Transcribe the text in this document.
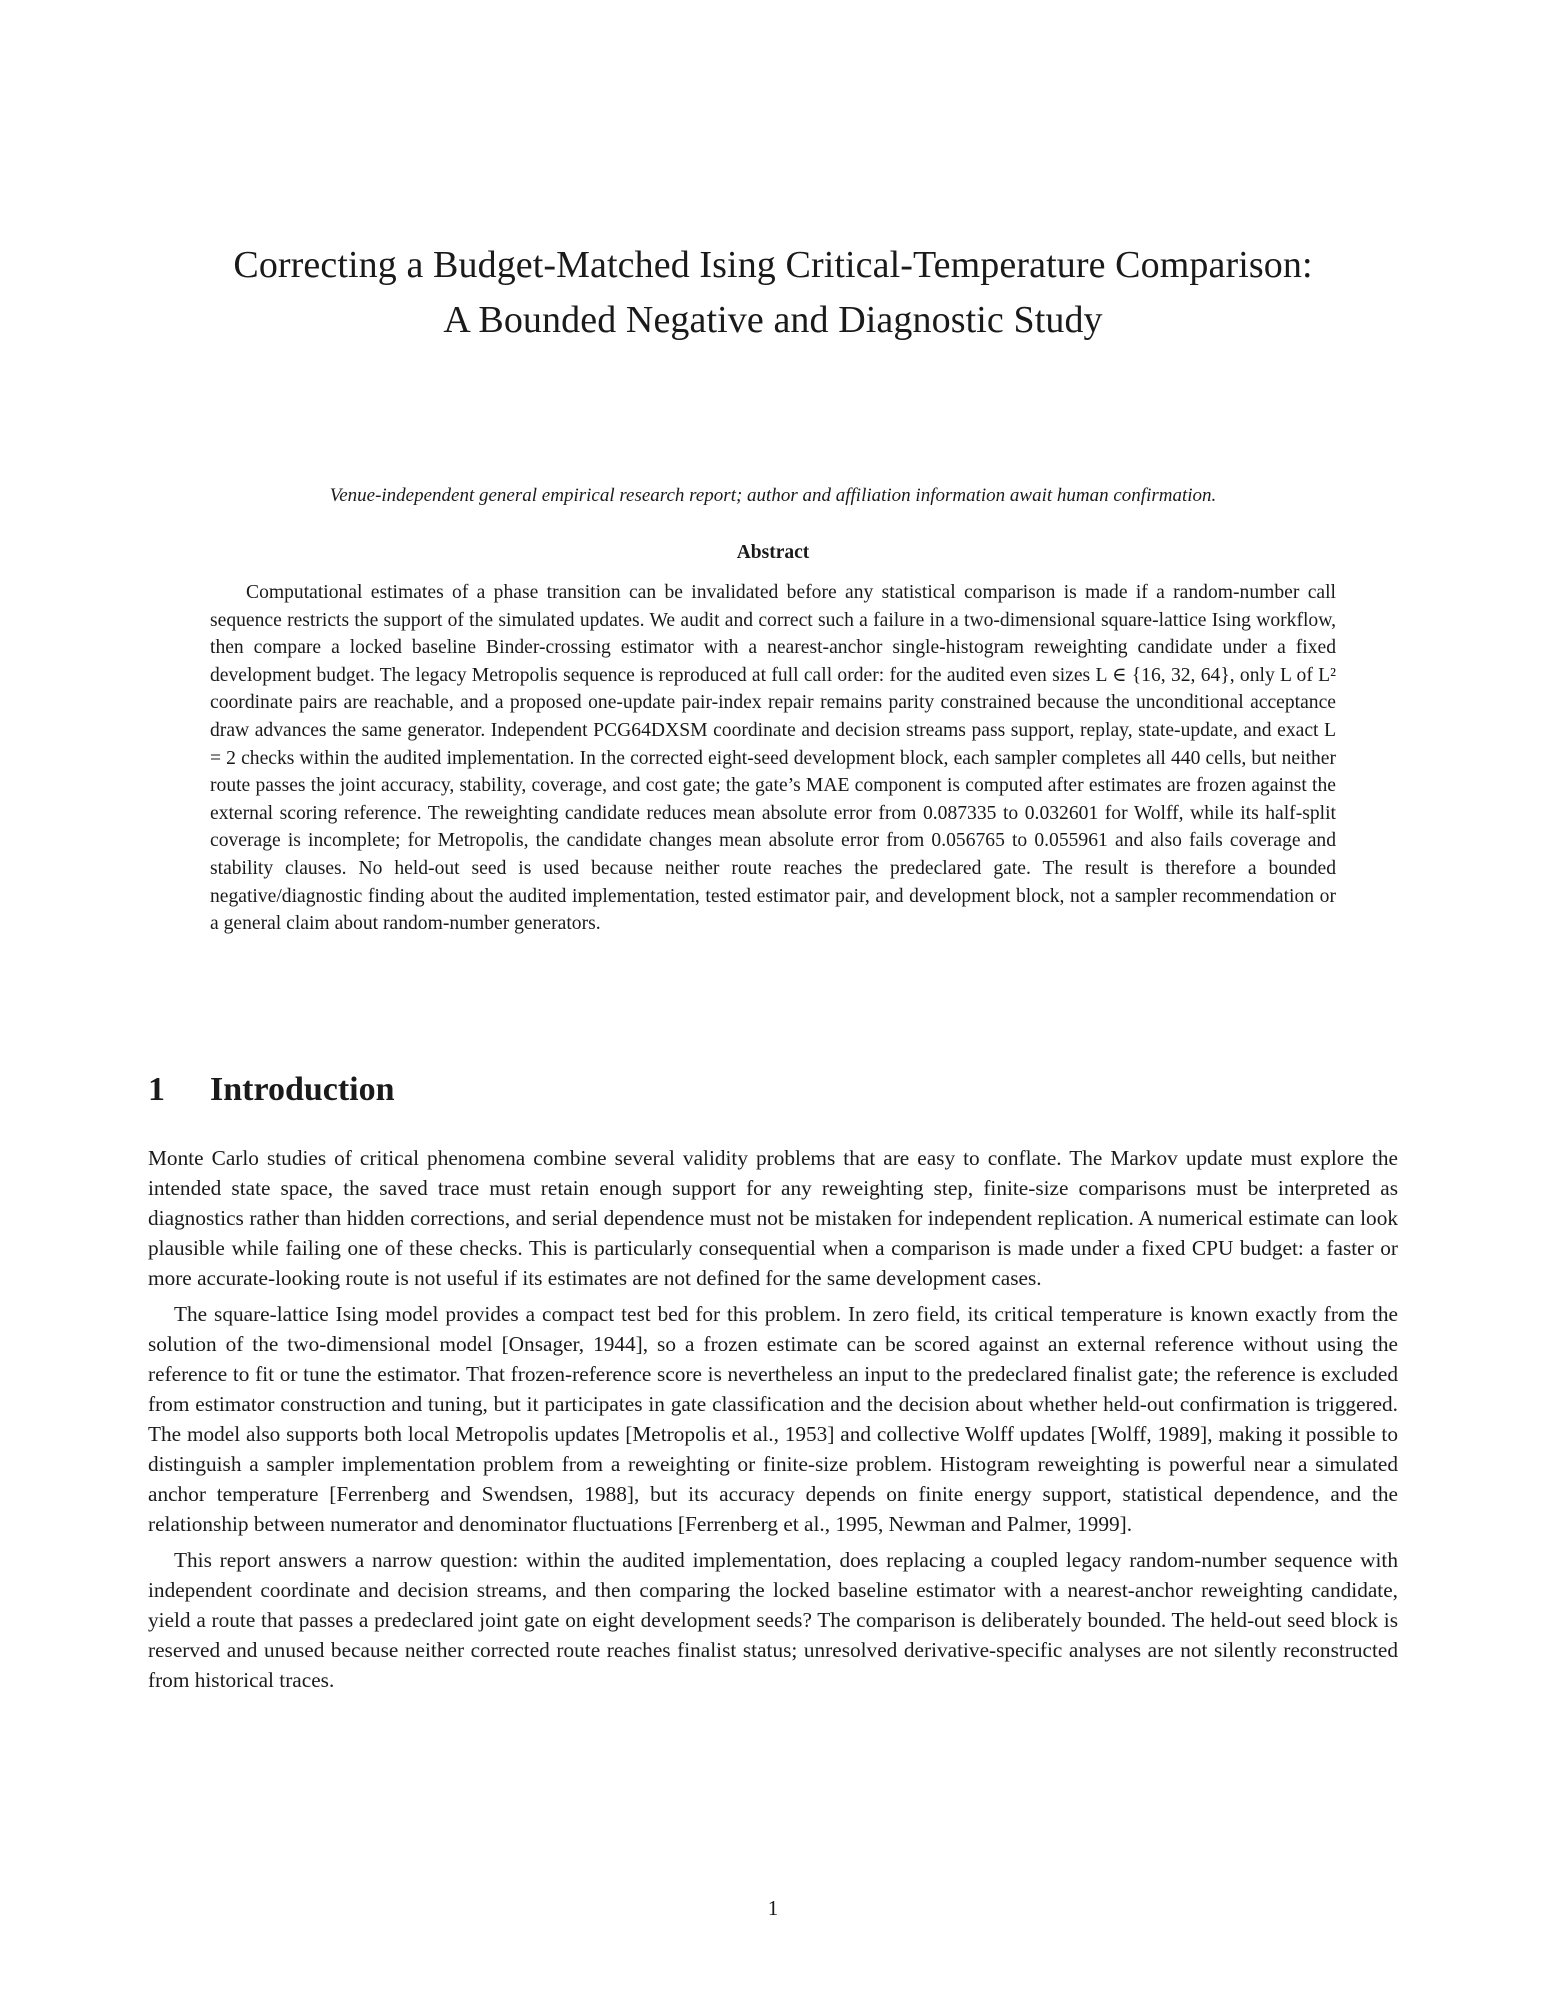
Correcting a Budget-Matched Ising Critical-Temperature Comparison:
A Bounded Negative and Diagnostic Study
Venue-independent general empirical research report; author and affiliation information await human confirmation.
Abstract

Computational estimates of a phase transition can be invalidated before any statistical comparison is made if a random-number call sequence restricts the support of the simulated updates. We audit and correct such a failure in a two-dimensional square-lattice Ising workflow, then compare a locked baseline Binder-crossing estimator with a nearest-anchor single-histogram reweighting candidate under a fixed development budget. The legacy Metropolis sequence is reproduced at full call order: for the audited even sizes L ∈ {16, 32, 64}, only L of L² coordinate pairs are reachable, and a proposed one-update pair-index repair remains parity constrained because the unconditional acceptance draw advances the same generator. Independent PCG64DXSM coordinate and decision streams pass support, replay, state-update, and exact L = 2 checks within the audited implementation. In the corrected eight-seed development block, each sampler completes all 440 cells, but neither route passes the joint accuracy, stability, coverage, and cost gate; the gate’s MAE component is computed after estimates are frozen against the external scoring reference. The reweighting candidate reduces mean absolute error from 0.087335 to 0.032601 for Wolff, while its half-split coverage is incomplete; for Metropolis, the candidate changes mean absolute error from 0.056765 to 0.055961 and also fails coverage and stability clauses. No held-out seed is used because neither route reaches the predeclared gate. The result is therefore a bounded negative/diagnostic finding about the audited implementation, tested estimator pair, and development block, not a sampler recommendation or a general claim about random-number generators.

1 Introduction

Monte Carlo studies of critical phenomena combine several validity problems that are easy to conflate. The Markov update must explore the intended state space, the saved trace must retain enough support for any reweighting step, finite-size comparisons must be interpreted as diagnostics rather than hidden corrections, and serial dependence must not be mistaken for independent replication. A numerical estimate can look plausible while failing one of these checks. This is particularly consequential when a comparison is made under a fixed CPU budget: a faster or more accurate-looking route is not useful if its estimates are not defined for the same development cases.

The square-lattice Ising model provides a compact test bed for this problem. In zero field, its critical temperature is known exactly from the solution of the two-dimensional model [Onsager, 1944], so a frozen estimate can be scored against an external reference without using the reference to fit or tune the estimator. That frozen-reference score is nevertheless an input to the predeclared finalist gate; the reference is excluded from estimator construction and tuning, but it participates in gate classification and the decision about whether held-out confirmation is triggered. The model also supports both local Metropolis updates [Metropolis et al., 1953] and collective Wolff updates [Wolff, 1989], making it possible to distinguish a sampler implementation problem from a reweighting or finite-size problem. Histogram reweighting is powerful near a simulated anchor temperature [Ferrenberg and Swendsen, 1988], but its accuracy depends on finite energy support, statistical dependence, and the relationship between numerator and denominator fluctuations [Ferrenberg et al., 1995, Newman and Palmer, 1999].

This report answers a narrow question: within the audited implementation, does replacing a coupled legacy random-number sequence with independent coordinate and decision streams, and then comparing the locked baseline estimator with a nearest-anchor reweighting candidate, yield a route that passes a predeclared joint gate on eight development seeds? The comparison is deliberately bounded. The held-out seed block is reserved and unused because neither corrected route reaches finalist status; unresolved derivative-specific analyses are not silently reconstructed from historical traces.

1
